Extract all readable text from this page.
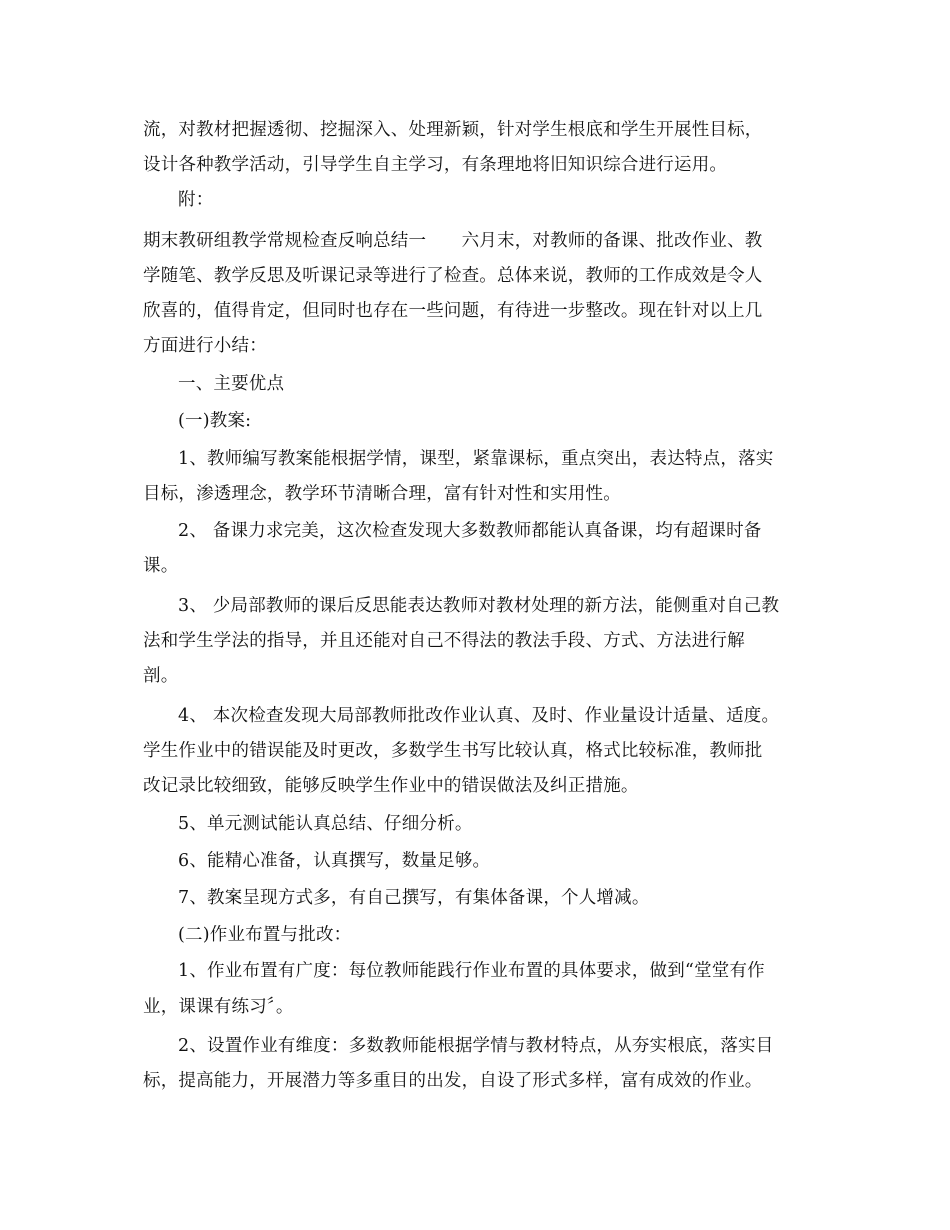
流，对教材把握透彻、挖掘深入、处理新颖，针对学生根底和学生开展性目标，

设计各种教学活动，引导学生自主学习，有条理地将旧知识综合进行运用。

附：

期末教研组教学常规检查反响总结一　　六月末，对教师的备课、批改作业、教

学随笔、教学反思及听课记录等进行了检查。总体来说，教师的工作成效是令人

欣喜的，值得肯定，但同时也存在一些问题，有待进一步整改。现在针对以上几

方面进行小结：

一、主要优点

(一)教案:

1、教师编写教案能根据学情，课型，紧靠课标，重点突出，表达特点，落实

目标，渗透理念，教学环节清晰合理，富有针对性和实用性。

2、 备课力求完美，这次检查发现大多数教师都能认真备课，均有超课时备

课。

3、 少局部教师的课后反思能表达教师对教材处理的新方法，能侧重对自己教

法和学生学法的指导，并且还能对自己不得法的教法手段、方式、方法进行解

剖。

4、 本次检查发现大局部教师批改作业认真、及时、作业量设计适量、适度。

学生作业中的错误能及时更改，多数学生书写比较认真，格式比较标准，教师批

改记录比较细致，能够反映学生作业中的错误做法及纠正措施。

5、单元测试能认真总结、仔细分析。

6、能精心准备，认真撰写，数量足够。

7、教案呈现方式多，有自己撰写，有集体备课，个人增减。

(二)作业布置与批改：

1、作业布置有广度：每位教师能践行作业布置的具体要求，做到“堂堂有作

业，课课有练习〞。

2、设置作业有维度：多数教师能根据学情与教材特点，从夯实根底，落实目

标，提高能力，开展潜力等多重目的出发，自设了形式多样，富有成效的作业。
